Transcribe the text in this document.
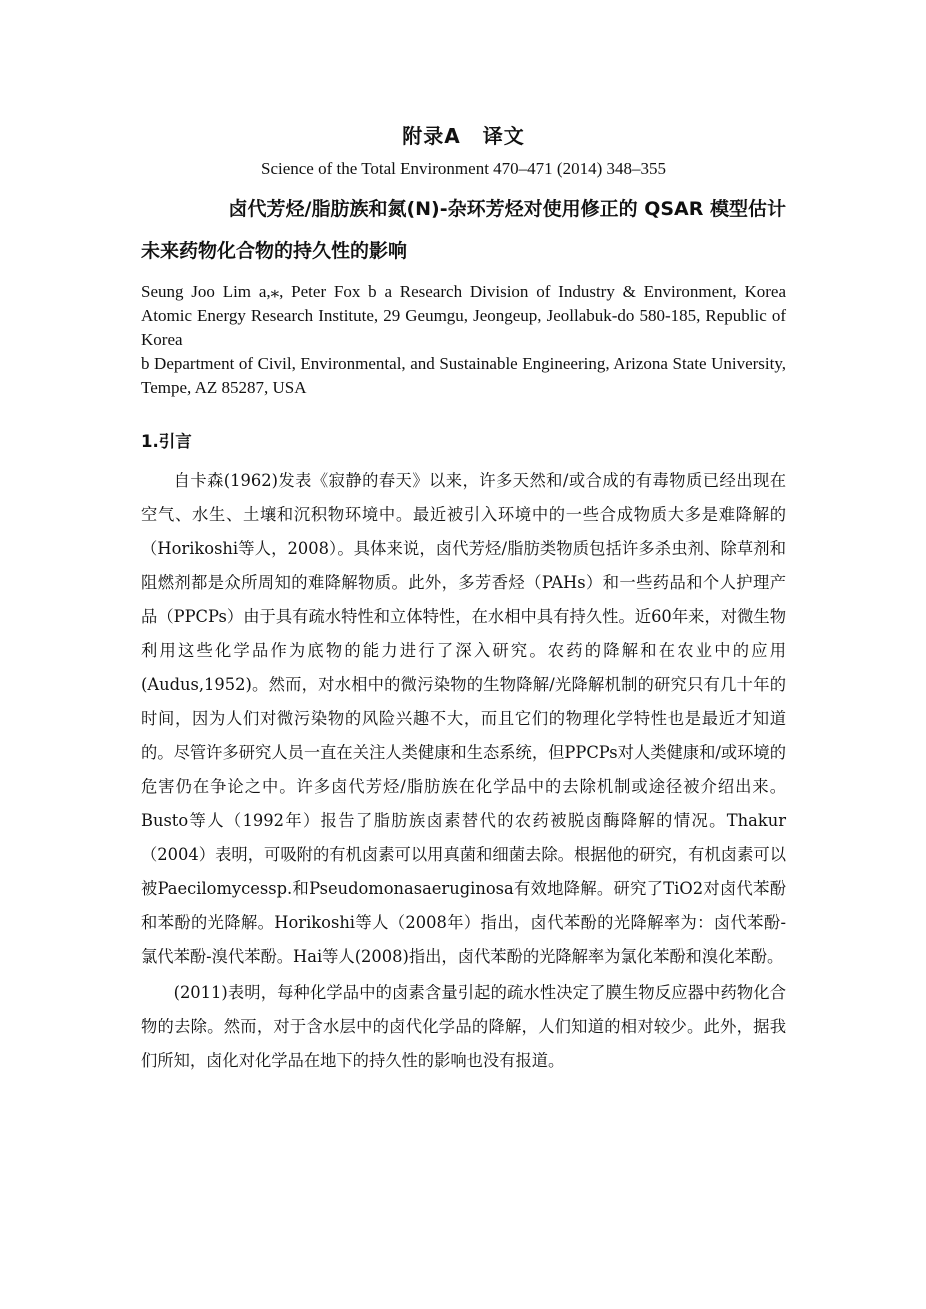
附录A 译文
Science of the Total Environment 470–471 (2014) 348–355
卤代芳烃/脂肪族和氮(N)-杂环芳烃对使用修正的 QSAR 模型估计
未来药物化合物的持久性的影响

Seung Joo Lim a,⁎, Peter Fox b a Research Division of Industry & Environment, Korea Atomic Energy Research Institute, 29 Geumgu, Jeongeup, Jeollabuk-do 580-185, Republic of Korea

b Department of Civil, Environmental, and Sustainable Engineering, Arizona State University, Tempe, AZ 85287, USA

1.引言

自卡森(1962)发表《寂静的春天》以来，许多天然和/或合成的有毒物质已经出现在空气、水生、土壤和沉积物环境中。最近被引入环境中的一些合成物质大多是难降解的（Horikoshi等人，2008）。具体来说，卤代芳烃/脂肪类物质包括许多杀虫剂、除草剂和阻燃剂都是众所周知的难降解物质。此外，多芳香烃（PAHs）和一些药品和个人护理产品（PPCPs）由于具有疏水特性和立体特性，在水相中具有持久性。近60年来，对微生物利用这些化学品作为底物的能力进行了深入研究。农药的降解和在农业中的应用(Audus,1952)。然而，对水相中的微污染物的生物降解/光降解机制的研究只有几十年的时间，因为人们对微污染物的风险兴趣不大，而且它们的物理化学特性也是最近才知道的。尽管许多研究人员一直在关注人类健康和生态系统，但PPCPs对人类健康和/或环境的危害仍在争论之中。许多卤代芳烃/脂肪族在化学品中的去除机制或途径被介绍出来。Busto等人（1992年）报告了脂肪族卤素替代的农药被脱卤酶降解的情况。Thakur（2004）表明，可吸附的有机卤素可以用真菌和细菌去除。根据他的研究，有机卤素可以被Paecilomycessp.和Pseudomonasaeruginosa有效地降解。研究了TiO2对卤代苯酚和苯酚的光降解。Horikoshi等人（2008年）指出，卤代苯酚的光降解率为：卤代苯酚-氯代苯酚-溴代苯酚。Hai等人(2008)指出，卤代苯酚的光降解率为氯化苯酚和溴化苯酚。

(2011)表明，每种化学品中的卤素含量引起的疏水性决定了膜生物反应器中药物化合物的去除。然而，对于含水层中的卤代化学品的降解，人们知道的相对较少。此外，据我们所知，卤化对化学品在地下的持久性的影响也没有报道。
